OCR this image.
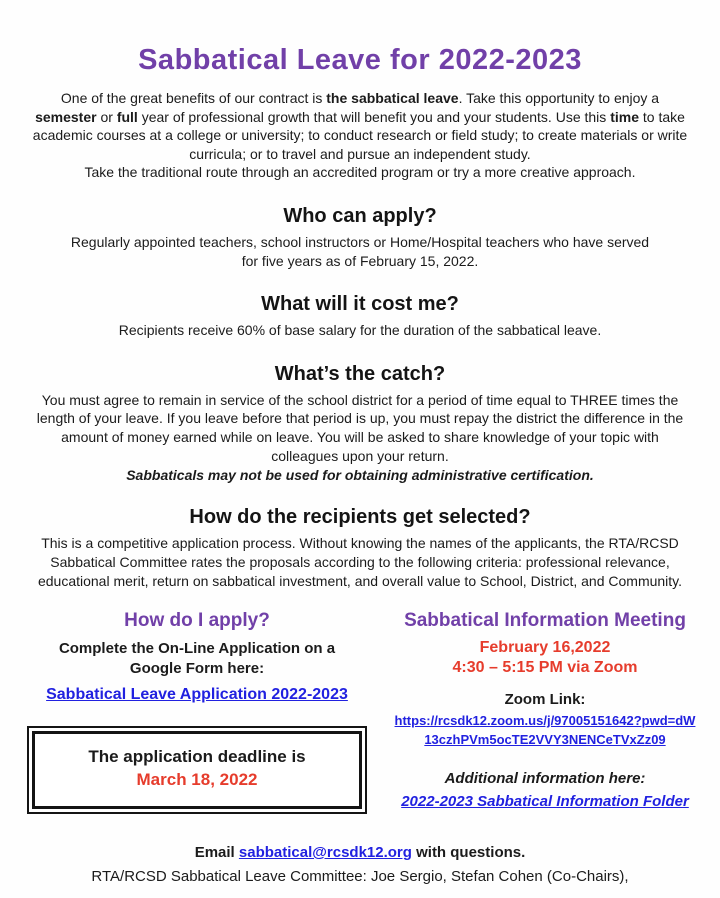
Sabbatical Leave for 2022-2023

One of the great benefits of our contract is the sabbatical leave. Take this opportunity to enjoy a semester or full year of professional growth that will benefit you and your students. Use this time to take academic courses at a college or university; to conduct research or field study; to create materials or write curricula; or to travel and pursue an independent study.
Take the traditional route through an accredited program or try a more creative approach.

Who can apply?

Regularly appointed teachers, school instructors or Home/Hospital teachers who have served for five years as of February 15, 2022.

What will it cost me?

Recipients receive 60% of base salary for the duration of the sabbatical leave.

What’s the catch?

You must agree to remain in service of the school district for a period of time equal to THREE times the length of your leave. If you leave before that period is up, you must repay the district the difference in the amount of money earned while on leave. You will be asked to share knowledge of your topic with colleagues upon your return.

Sabbaticals may not be used for obtaining administrative certification.

How do the recipients get selected?

This is a competitive application process. Without knowing the names of the applicants, the RTA/RCSD Sabbatical Committee rates the proposals according to the following criteria: professional relevance, educational merit, return on sabbatical investment, and overall value to School, District, and Community.

How do I apply?

Complete the On-Line Application on a Google Form here:

Sabbatical Leave Application 2022-2023
The application deadline is
March 18, 2022
Sabbatical Information Meeting
February 16,2022
4:30 – 5:15 PM via Zoom
Zoom Link:
https://rcsdk12.zoom.us/j/97005151642?pwd=dW13czhPVm5ocTE2VVY3NENCeTVxZz09
Additional information here:
2022-2023 Sabbatical Information Folder
Email sabbatical@rcsdk12.org with questions.
RTA/RCSD Sabbatical Leave Committee: Joe Sergio, Stefan Cohen (Co-Chairs),
